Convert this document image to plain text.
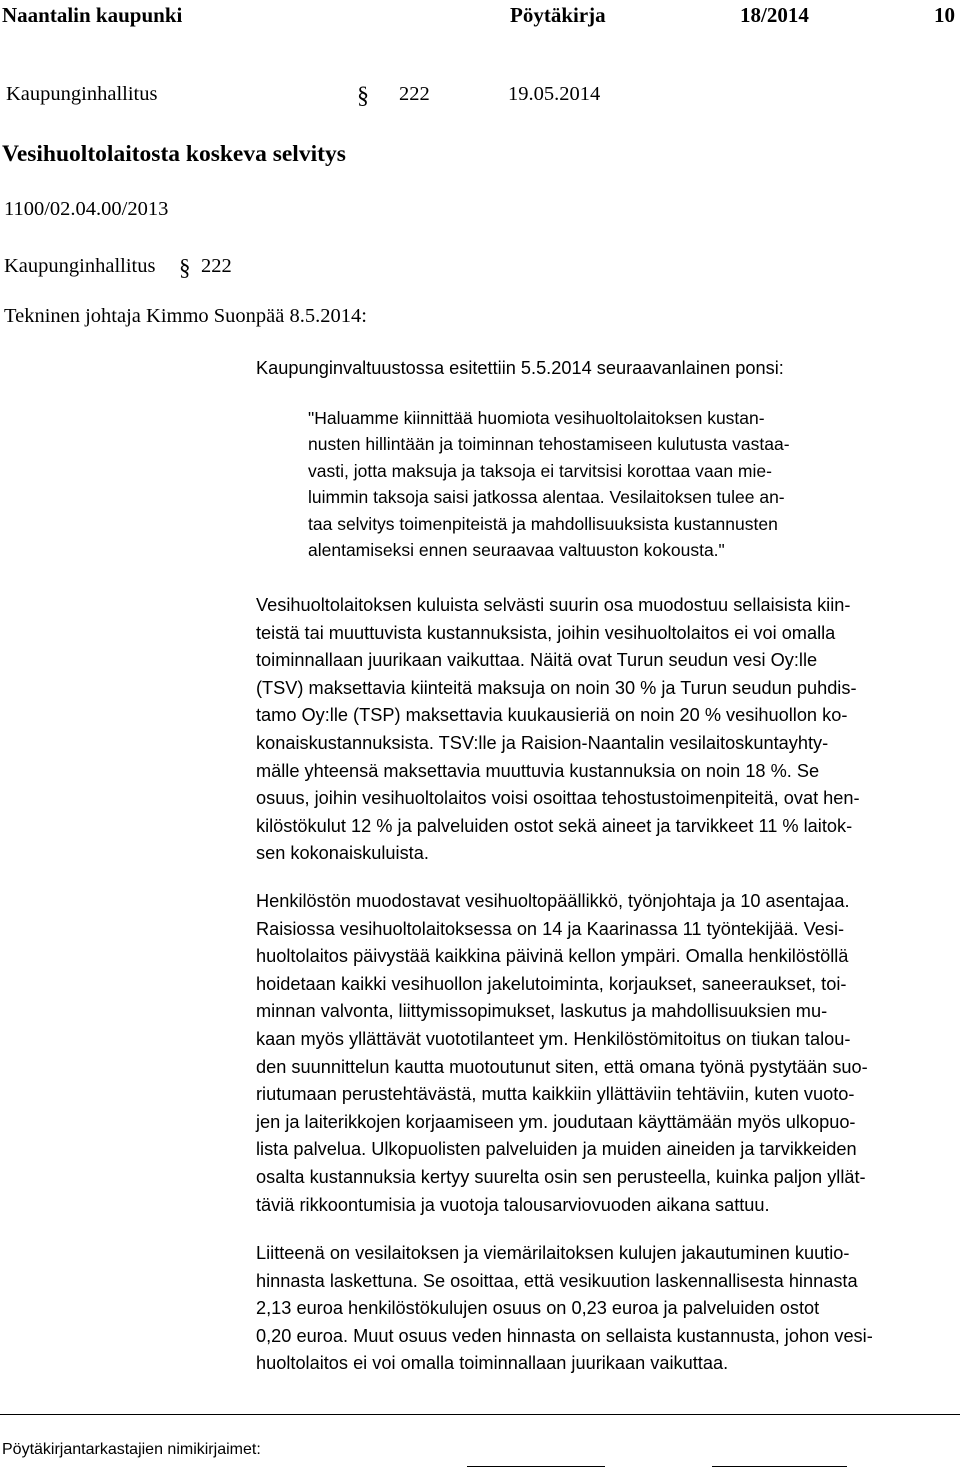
Naantalin kaupunki	Pöytäkirja	18/2014	10
Kaupunginhallitus	§ 222	19.05.2014
Vesihuoltolaitosta koskeva selvitys
1100/02.04.00/2013
Kaupunginhallitus § 222
Tekninen johtaja Kimmo Suonpää 8.5.2014:
Kaupunginvaltuustossa esitettiin 5.5.2014 seuraavanlainen ponsi:
"Haluamme kiinnittää huomiota vesihuoltolaitoksen kustan-
nusten hillintään ja toiminnan tehostamiseen kulutusta vastaa-
vasti, jotta maksuja ja taksoja ei tarvitsisi korottaa vaan mie-
luimmin taksoja saisi jatkossa alentaa. Vesilaitoksen tulee an-
taa selvitys toimenpiteistä ja mahdollisuuksista kustannusten
alentamiseksi ennen seuraavaa valtuuston kokousta."
Vesihuoltolaitoksen kuluista selvästi suurin osa muodostuu sellaisista kiin-
teistä tai muuttuvista kustannuksista, joihin vesihuoltolaitos ei voi omalla
toiminnallaan juurikaan vaikuttaa. Näitä ovat Turun seudun vesi Oy:lle
(TSV) maksettavia kiinteitä maksuja on noin 30 % ja Turun seudun puhdis-
tamo Oy:lle (TSP) maksettavia kuukausieriä on noin 20 % vesihuollon ko-
konaiskustannuksista. TSV:lle ja Raision-Naantalin vesilaitoskuntayhty-
mälle yhteensä maksettavia muuttuvia kustannuksia on noin 18 %. Se
osuus, joihin vesihuoltolaitos voisi osoittaa tehostustoimenpiteitä, ovat hen-
kilöstökulut 12 % ja palveluiden ostot sekä aineet ja tarvikkeet 11 % laitok-
sen kokonaiskuluista.
Henkilöstön muodostavat vesihuoltopäällikkö, työnjohtaja ja 10 asentajaa.
Raisiossa vesihuoltolaitoksessa on 14 ja Kaarinassa 11 työntekijää. Vesi-
huoltolaitos päivystää kaikkina päivinä kellon ympäri. Omalla henkilöstöllä
hoidetaan kaikki vesihuollon jakelutoiminta, korjaukset, saneeraukset, toi-
minnan valvonta, liittymissopimukset, laskutus ja mahdollisuuksien mu-
kaan myös yllättävät vuototilanteet ym. Henkilöstömitoitus on tiukan talou-
den suunnittelun kautta muotoutunut siten, että omana työnä pystytään suo-
riutumaan perustehtävästä, mutta kaikkiin yllättäviin tehtäviin, kuten vuoto-
jen ja laiterikkojen korjaamiseen ym. joudutaan käyttämään myös ulkopuo-
lista palvelua. Ulkopuolisten palveluiden ja muiden aineiden ja tarvikkeiden
osalta kustannuksia kertyy suurelta osin sen perusteella, kuinka paljon yllät-
täviä rikkoontumisia ja vuotoja talousarviovuoden aikana sattuu.
Liitteenä on vesilaitoksen ja viemärilaitoksen kulujen jakautuminen kuutio-
hinnasta laskettuna. Se osoittaa, että vesikuution laskennallisesta hinnasta
2,13 euroa henkilöstökulujen osuus on 0,23 euroa ja palveluiden ostot
0,20 euroa. Muut osuus veden hinnasta on sellaista kustannusta, johon vesi-
huoltolaitos ei voi omalla toiminnallaan juurikaan vaikuttaa.
Pöytäkirjantarkastajien nimikirjaimet:
